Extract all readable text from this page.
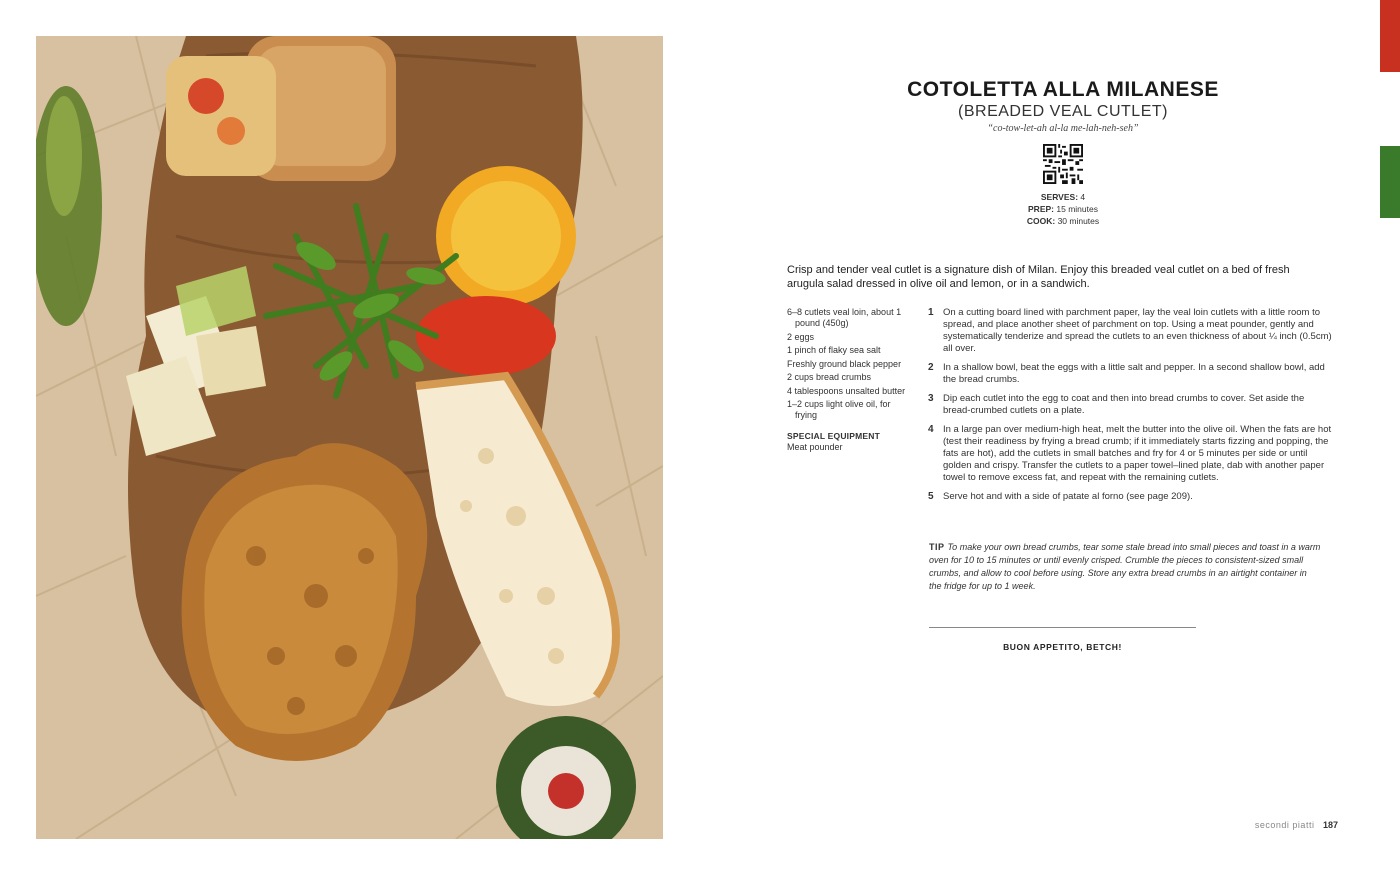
COTOLETTA ALLA MILANESE
(BREADED VEAL CUTLET)
“co-tow-let-ah al-la me-lah-neh-seh”
SERVES: 4
PREP: 15 minutes
COOK: 30 minutes
Crisp and tender veal cutlet is a signature dish of Milan. Enjoy this breaded veal cutlet on a bed of fresh arugula salad dressed in olive oil and lemon, or in a sandwich.
6–8 cutlets veal loin, about 1 pound (450g)
2 eggs
1 pinch of flaky sea salt
Freshly ground black pepper
2 cups bread crumbs
4 tablespoons unsalted butter
1–2 cups light olive oil, for frying
SPECIAL EQUIPMENT
Meat pounder
1 On a cutting board lined with parchment paper, lay the veal loin cutlets with a little room to spread, and place another sheet of parchment on top. Using a meat pounder, gently and systematically tenderize and spread the cutlets to an even thickness of about ¼ inch (0.5cm) all over.
2 In a shallow bowl, beat the eggs with a little salt and pepper. In a second shallow bowl, add the bread crumbs.
3 Dip each cutlet into the egg to coat and then into bread crumbs to cover. Set aside the bread-crumbed cutlets on a plate.
4 In a large pan over medium-high heat, melt the butter into the olive oil. When the fats are hot (test their readiness by frying a bread crumb; if it immediately starts fizzing and popping, the fats are hot), add the cutlets in small batches and fry for 4 or 5 minutes per side or until golden and crispy. Transfer the cutlets to a paper towel–lined plate, dab with another paper towel to remove excess fat, and repeat with the remaining cutlets.
5 Serve hot and with a side of patate al forno (see page 209).
TIP To make your own bread crumbs, tear some stale bread into small pieces and toast in a warm oven for 10 to 15 minutes or until evenly crisped. Crumble the pieces to consistent-sized small crumbs, and allow to cool before using. Store any extra bread crumbs in an airtight container in the fridge for up to 1 week.
BUON APPETITO, BETCH!
secondi piatti 187
